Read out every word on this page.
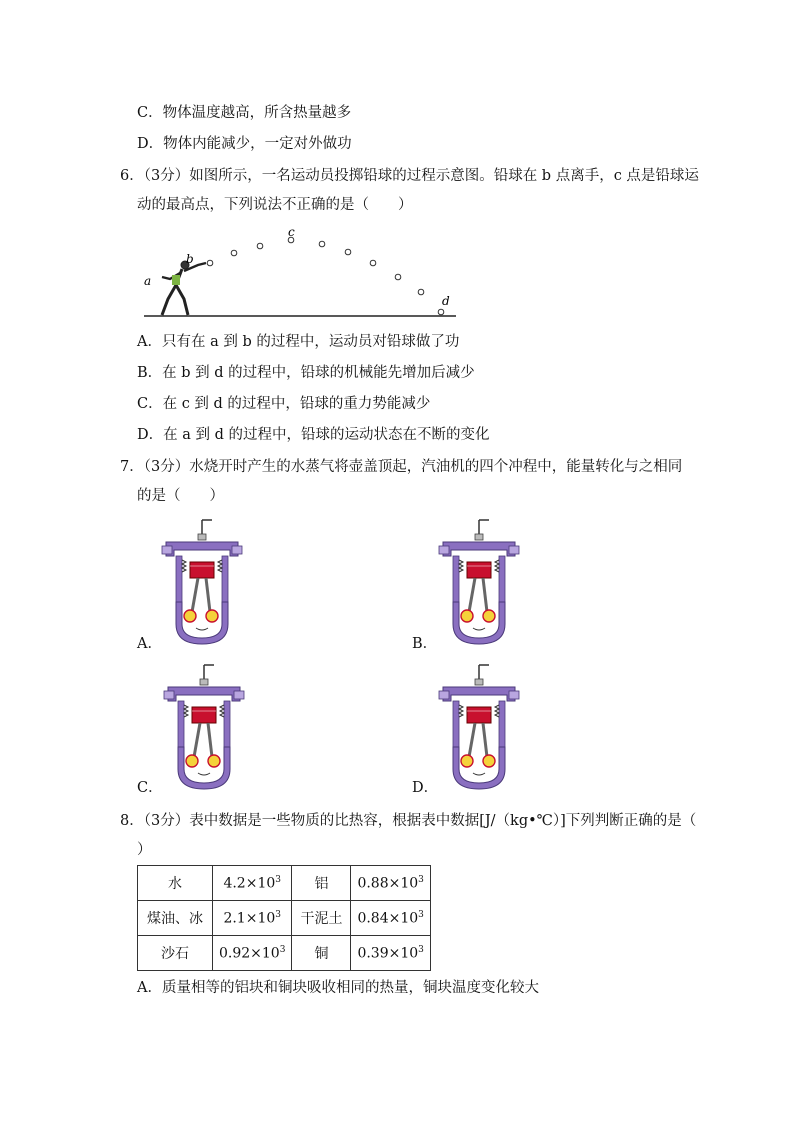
C．物体温度越高，所含热量越多
D．物体内能减少，一定对外做功
6．（3分）如图所示，一名运动员投掷铅球的过程示意图。铅球在 b 点离手，c 点是铅球运
动的最高点，下列说法不正确的是（　　）
a
b
c
d
A．只有在 a 到 b 的过程中，运动员对铅球做了功
B．在 b 到 d 的过程中，铅球的机械能先增加后减少
C．在 c 到 d 的过程中，铅球的重力势能减少
D．在 a 到 d 的过程中，铅球的运动状态在不断的变化
7．（3分）水烧开时产生的水蒸气将壶盖顶起，汽油机的四个冲程中，能量转化与之相同
的是（　　）
A．	B．
C．	D．
8．（3分）表中数据是一些物质的比热容，根据表中数据[J/（kg•℃）]下列判断正确的是（
）
水	$4.2\times 10^3$	铝	$0.88\times 10^3$
煤油、冰	$2.1\times 10^3$	干泥土	$0.84\times 10^3$
沙石	$0.92\times 10^3$	铜	$0.39\times 10^3$
A．质量相等的铝块和铜块吸收相同的热量，铜块温度变化较大
